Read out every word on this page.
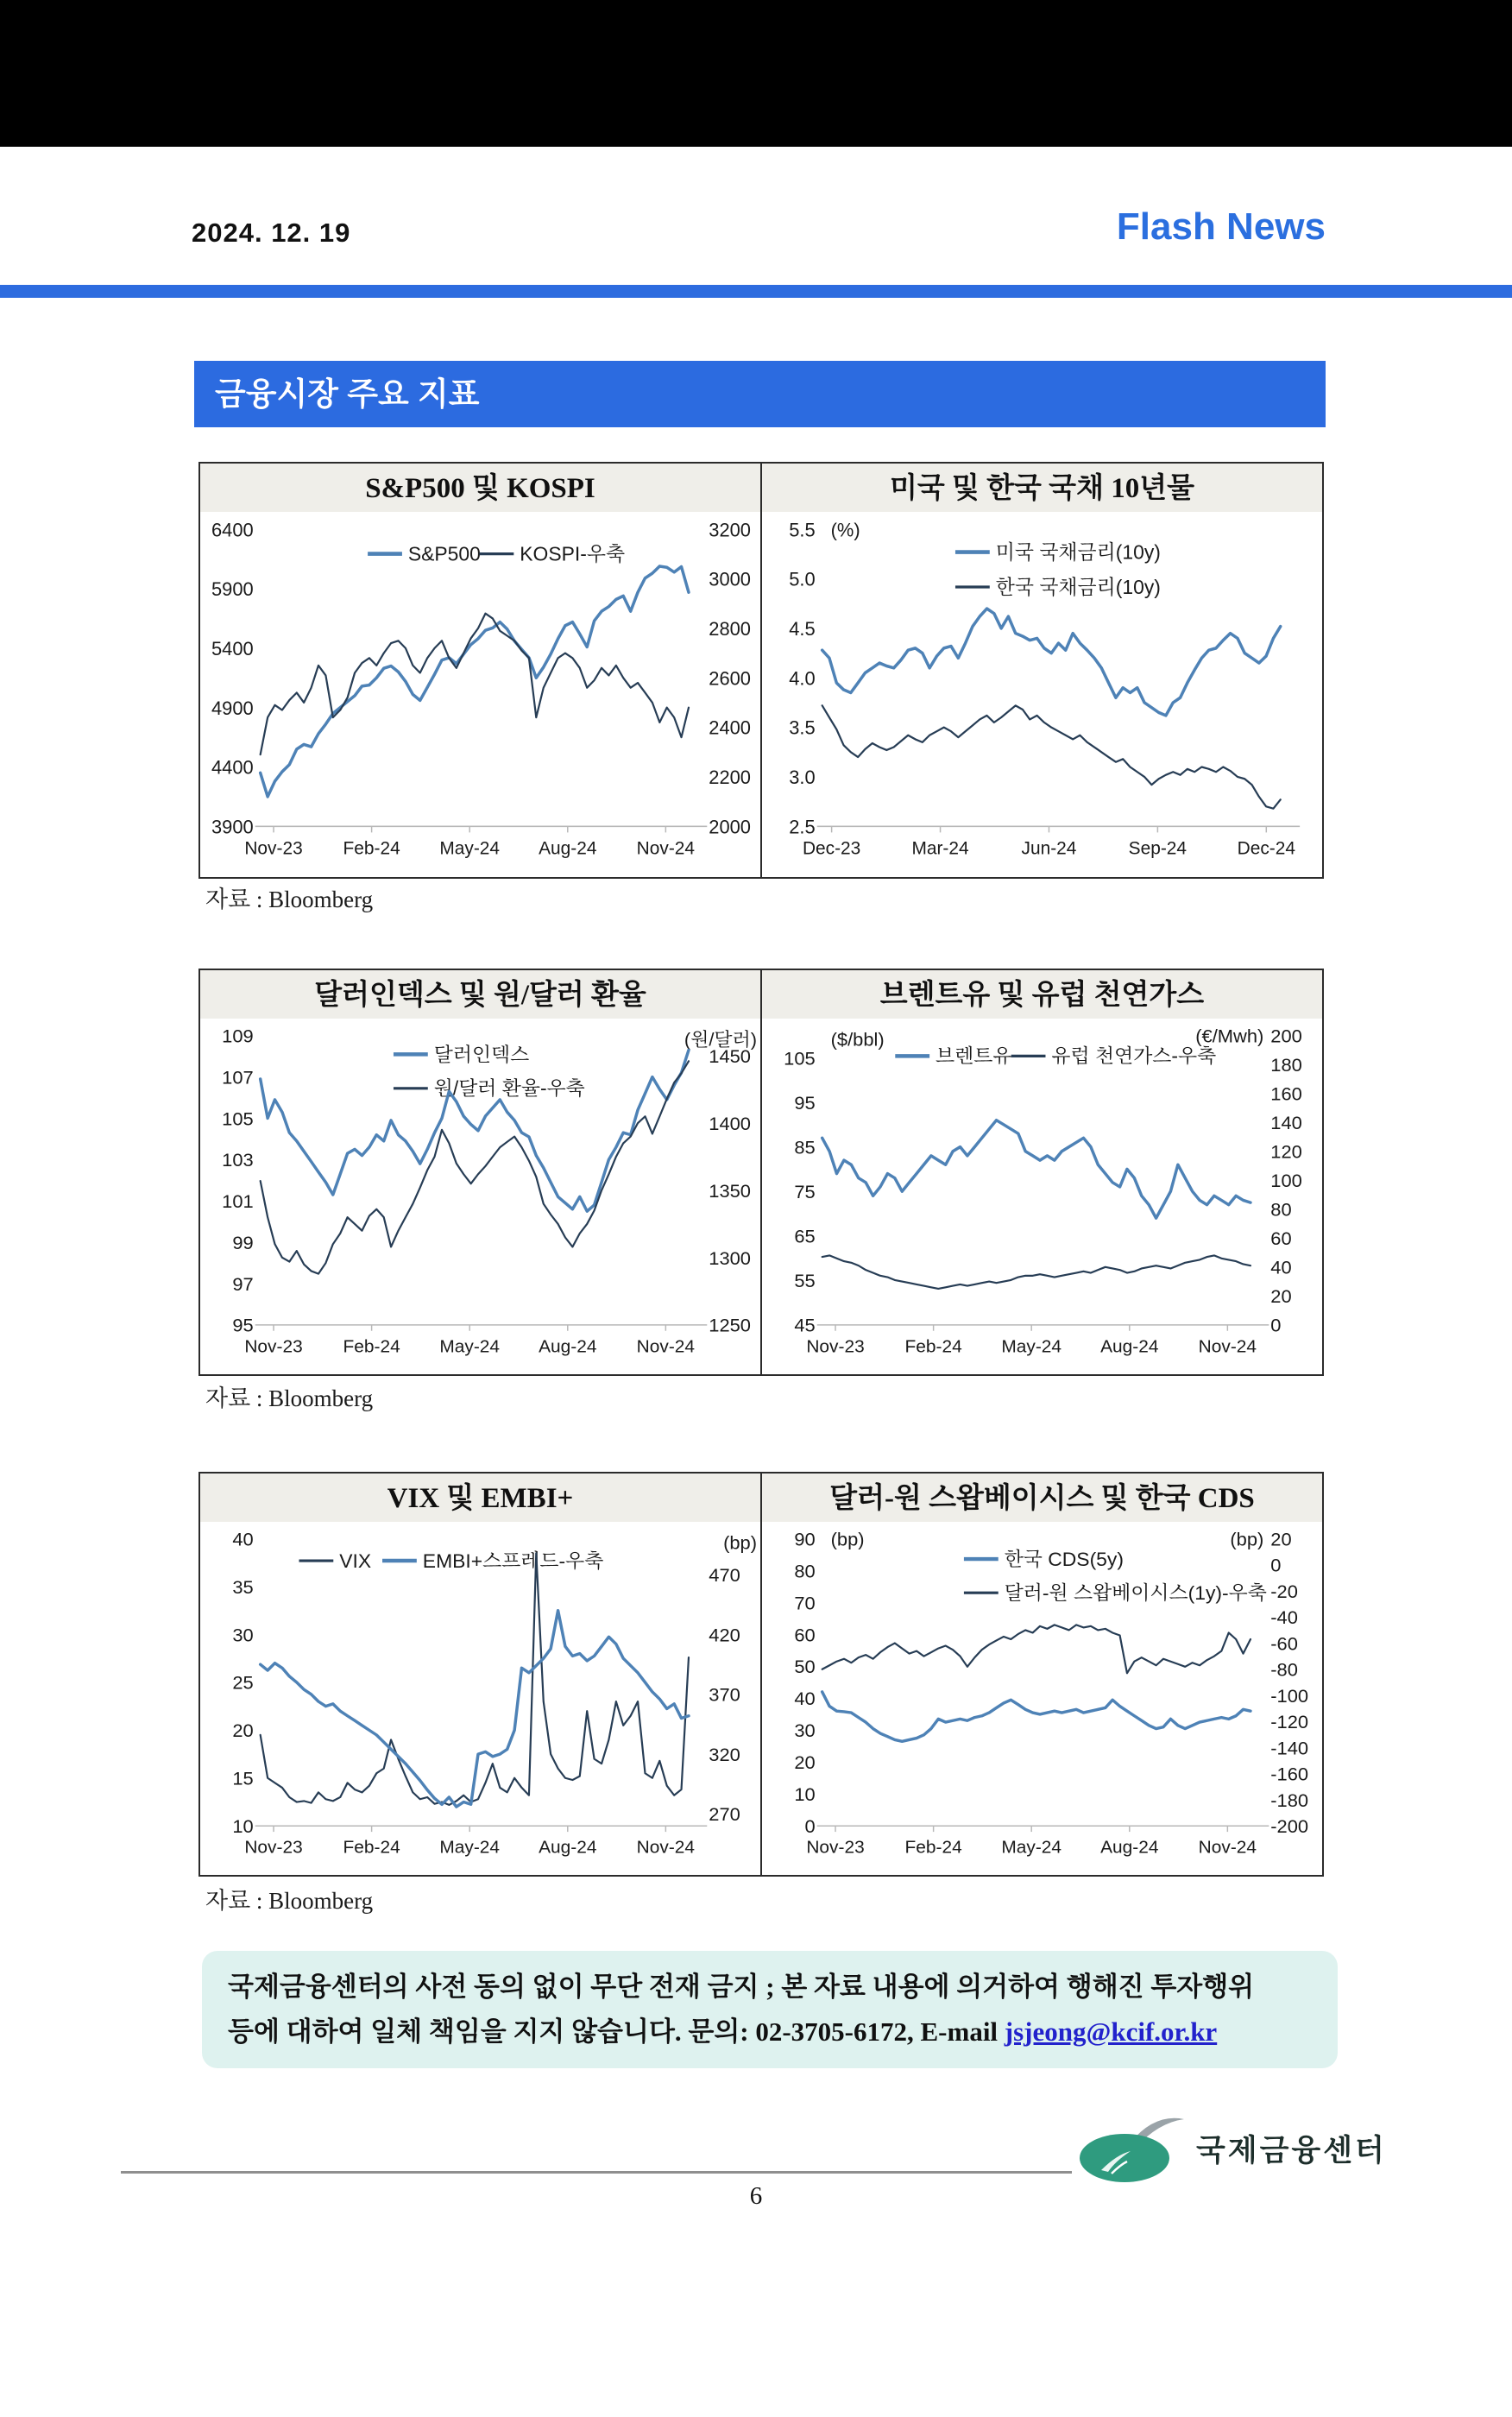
2024. 12. 19	Flash News
금융시장 주요 지표
S&P500 및 KOSPI
Nov-23 Feb-24 May-24 Aug-24 Nov-24
6400
5900
5400
4900
4400
3900
3200
3000
2800
2600
2400
2200
2000
S&P500 KOSPI-우축
미국 및 한국 국채 10년물
Dec-23	Mar-24	Jun-24	Sep-24	Dec-24
5.5
5.0
4.5
4.0
3.5
3.0
2.5
(%)
미국 국채금리(10y)
한국 국채금리(10y)
자료 : Bloomberg
달러인덱스 및 원/달러 환율
Nov-23 Feb-24 May-24 Aug-24 Nov-24
109
107
105
103
101
99
97
95
1450
1400
1350
1300
1250
(원/달러)
달러인덱스
원/달러 환율-우축
브렌트유 및 유럽 천연가스
Nov-23 Feb-24 May-24 Aug-24 Nov-24
105
95
85
75
65
55
45
200
180
160
140
120
100
80
60
40
20
0
($/bbl)	(€/Mwh)
브렌트유 유럽 천연가스-우축
자료 : Bloomberg
VIX 및 EMBI+
Nov-23 Feb-24 May-24 Aug-24 Nov-24
40
35
30
25
20
15
10
470
420
370
320
270
(bp)
VIX	EMBI+스프레드-우축
달러-원 스왑베이시스 및 한국 CDS
Nov-23 Feb-24 May-24 Aug-24 Nov-24
90
80
70
60
50
40
30
20
10
0
20
0
-20
-40
-60
-80
-100
-120
-140
-160
-180
-200
(bp)	(bp)
한국 CDS(5y)
달러-원 스왑베이시스(1y)-우축
자료 : Bloomberg
국제금융센터의 사전 동의 없이 무단 전재 금지 ; 본 자료 내용에 의거하여 행해진 투자행위
등에 대하여 일체 책임을 지지 않습니다. 문의: 02-3705-6172, E-mail jsjeong@kcif.or.kr
국제금융센터
6
